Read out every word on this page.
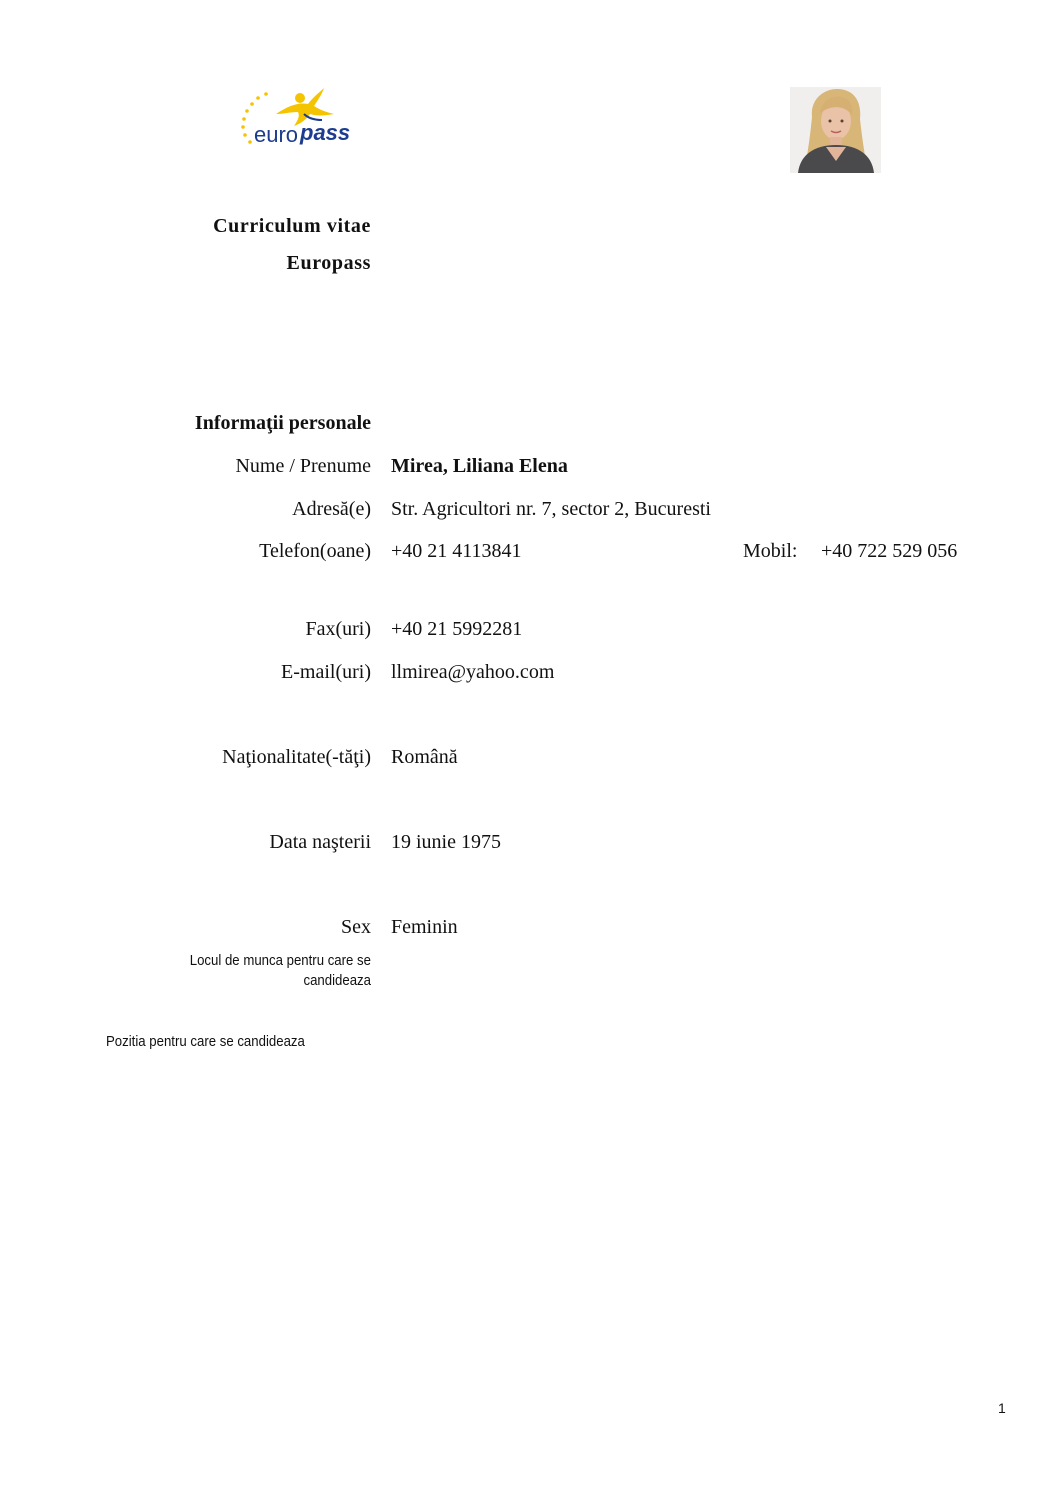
euro pass
Curriculum vitae
Europass
Informaţii personale
Nume / Prenume Mirea, Liliana Elena
Adresă(e) Str. Agricultori nr. 7, sector 2, Bucuresti
Telefon(oane) +40 21 4113841	Mobil: +40 722 529 056
Fax(uri) +40 21 5992281
E-mail(uri) llmirea@yahoo.com
Naţionalitate(-tăţi) Română
Data naşterii 19 iunie 1975
Sex Feminin
Locul de munca pentru care se candideaza
Pozitia pentru care se candideaza
1
